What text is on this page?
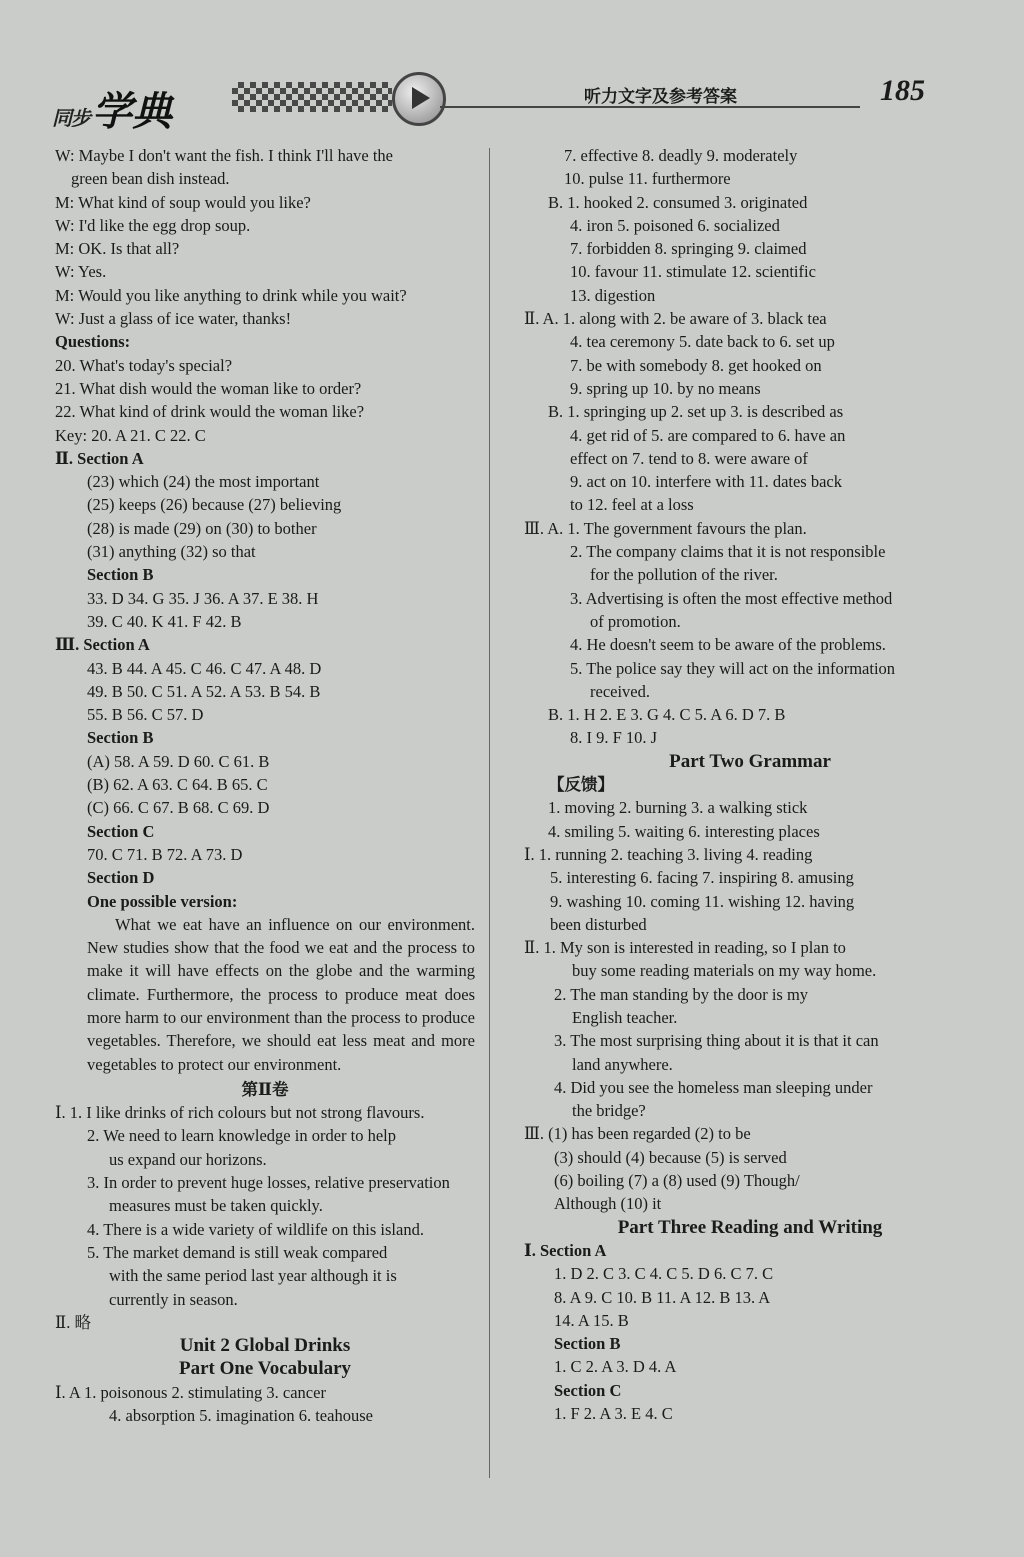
同步学典	听力文字及参考答案	185
W: Maybe I don't want the fish. I think I'll have the
green bean dish instead.
M: What kind of soup would you like?
W: I'd like the egg drop soup.
M: OK. Is that all?
W: Yes.
M: Would you like anything to drink while you wait?
W: Just a glass of ice water, thanks!
Questions:
20. What's today's special?
21. What dish would the woman like to order?
22. What kind of drink would the woman like?
Key: 20. A 21. C 22. C
Ⅱ. Section A
(23) which (24) the most important
(25) keeps (26) because (27) believing
(28) is made (29) on (30) to bother
(31) anything (32) so that
Section B
33. D 34. G 35. J 36. A 37. E 38. H
39. C 40. K 41. F 42. B
Ⅲ. Section A
43. B 44. A 45. C 46. C 47. A 48. D
49. B 50. C 51. A 52. A 53. B 54. B
55. B 56. C 57. D
Section B
(A) 58. A 59. D 60. C 61. B
(B) 62. A 63. C 64. B 65. C
(C) 66. C 67. B 68. C 69. D
Section C
70. C 71. B 72. A 73. D
Section D
One possible version:
What we eat have an influence on our environment. New studies show that the food we eat and the process to make it will have effects on the globe and the warming climate. Furthermore, the process to produce meat does more harm to our environment than the process to produce vegetables. Therefore, we should eat less meat and more vegetables to protect our environment.
第Ⅱ卷
Ⅰ. 1. I like drinks of rich colours but not strong flavours.
2. We need to learn knowledge in order to help
us expand our horizons.
3. In order to prevent huge losses, relative preservation
measures must be taken quickly.
4. There is a wide variety of wildlife on this island.
5. The market demand is still weak compared
with the same period last year although it is
currently in season.
Ⅱ. 略
Unit 2 Global Drinks
Part One Vocabulary
Ⅰ. A 1. poisonous 2. stimulating 3. cancer
4. absorption 5. imagination 6. teahouse
7. effective 8. deadly 9. moderately
10. pulse 11. furthermore
B. 1. hooked 2. consumed 3. originated
4. iron 5. poisoned 6. socialized
7. forbidden 8. springing 9. claimed
10. favour 11. stimulate 12. scientific
13. digestion
Ⅱ. A. 1. along with 2. be aware of 3. black tea
4. tea ceremony 5. date back to 6. set up
7. be with somebody 8. get hooked on
9. spring up 10. by no means
B. 1. springing up 2. set up 3. is described as
4. get rid of 5. are compared to 6. have an
effect on 7. tend to 8. were aware of
9. act on 10. interfere with 11. dates back
to 12. feel at a loss
Ⅲ. A. 1. The government favours the plan.
2. The company claims that it is not responsible
for the pollution of the river.
3. Advertising is often the most effective method
of promotion.
4. He doesn't seem to be aware of the problems.
5. The police say they will act on the information
received.
B. 1. H 2. E 3. G 4. C 5. A 6. D 7. B
8. I 9. F 10. J
Part Two Grammar
【反馈】
1. moving 2. burning 3. a walking stick
4. smiling 5. waiting 6. interesting places
Ⅰ. 1. running 2. teaching 3. living 4. reading
5. interesting 6. facing 7. inspiring 8. amusing
9. washing 10. coming 11. wishing 12. having
been disturbed
Ⅱ. 1. My son is interested in reading, so I plan to
buy some reading materials on my way home.
2. The man standing by the door is my
English teacher.
3. The most surprising thing about it is that it can
land anywhere.
4. Did you see the homeless man sleeping under
the bridge?
Ⅲ. (1) has been regarded (2) to be
(3) should (4) because (5) is served
(6) boiling (7) a (8) used (9) Though/
Although (10) it
Part Three Reading and Writing
Ⅰ. Section A
1. D 2. C 3. C 4. C 5. D 6. C 7. C
8. A 9. C 10. B 11. A 12. B 13. A
14. A 15. B
Section B
1. C 2. A 3. D 4. A
Section C
1. F 2. A 3. E 4. C
